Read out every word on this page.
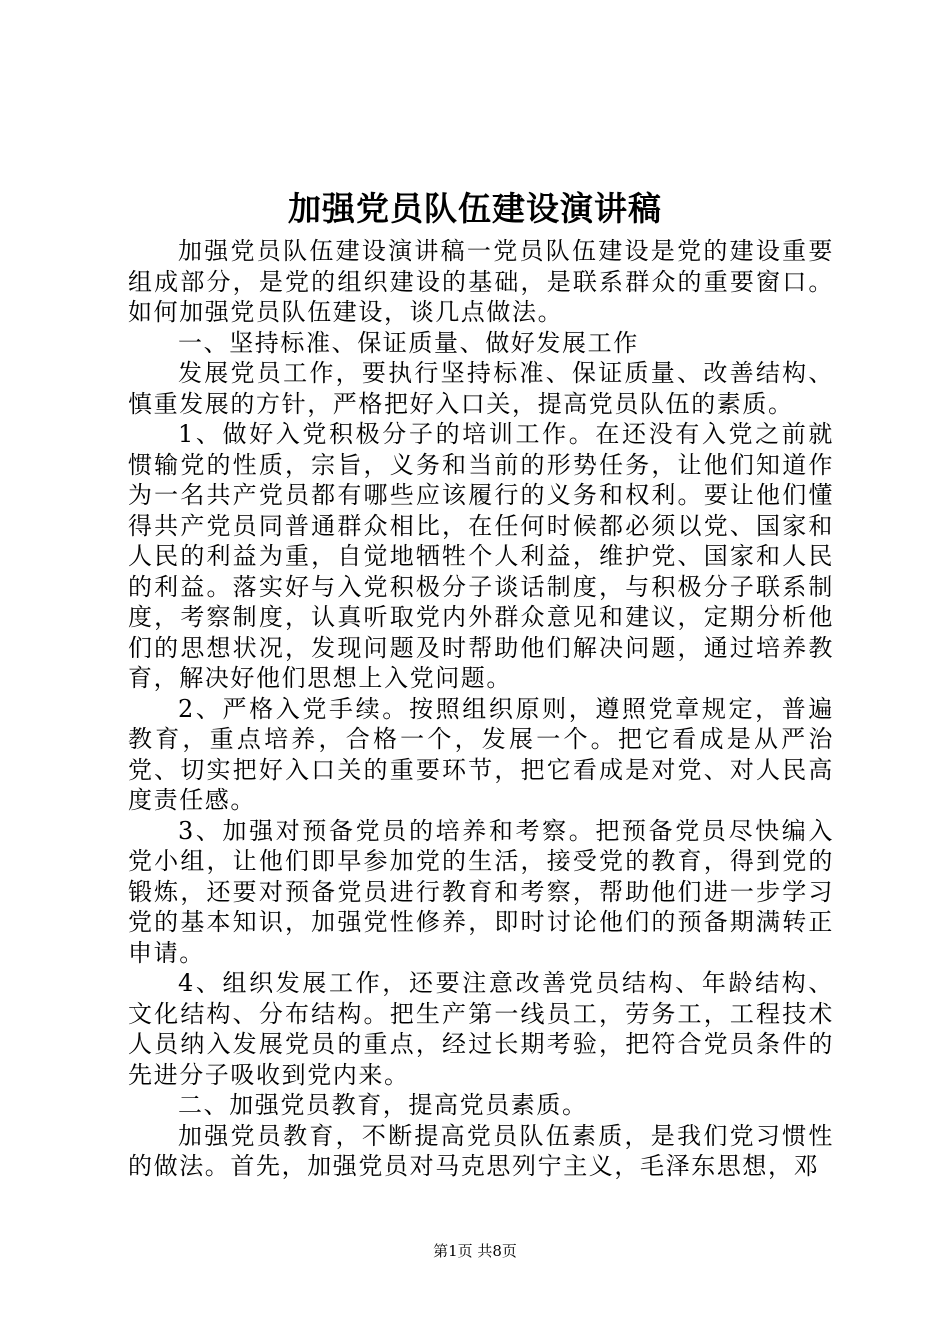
加强党员队伍建设演讲稿

加强党员队伍建设演讲稿一党员队伍建设是党的建设重要组成部分，是党的组织建设的基础，是联系群众的重要窗口。如何加强党员队伍建设，谈几点做法。

一、坚持标准、保证质量、做好发展工作

发展党员工作，要执行坚持标准、保证质量、改善结构、慎重发展的方针，严格把好入口关，提高党员队伍的素质。

1、做好入党积极分子的培训工作。在还没有入党之前就惯输党的性质，宗旨，义务和当前的形势任务，让他们知道作为一名共产党员都有哪些应该履行的义务和权利。要让他们懂得共产党员同普通群众相比，在任何时候都必须以党、国家和人民的利益为重，自觉地牺牲个人利益，维护党、国家和人民的利益。落实好与入党积极分子谈话制度，与积极分子联系制度，考察制度，认真听取党内外群众意见和建议，定期分析他们的思想状况，发现问题及时帮助他们解决问题，通过培养教育，解决好他们思想上入党问题。

2、严格入党手续。按照组织原则，遵照党章规定，普遍教育，重点培养，合格一个，发展一个。把它看成是从严治党、切实把好入口关的重要环节，把它看成是对党、对人民高度责任感。

3、加强对预备党员的培养和考察。把预备党员尽快编入党小组，让他们即早参加党的生活，接受党的教育，得到党的锻炼，还要对预备党员进行教育和考察，帮助他们进一步学习党的基本知识，加强党性修养，即时讨论他们的预备期满转正申请。

4、组织发展工作，还要注意改善党员结构、年龄结构、文化结构、分布结构。把生产第一线员工，劳务工，工程技术人员纳入发展党员的重点，经过长期考验，把符合党员条件的先进分子吸收到党内来。

二、加强党员教育，提高党员素质。

加强党员教育，不断提高党员队伍素质，是我们党习惯性的做法。首先，加强党员对马克思列宁主义，毛泽东思想，邓

第1页 共8页
